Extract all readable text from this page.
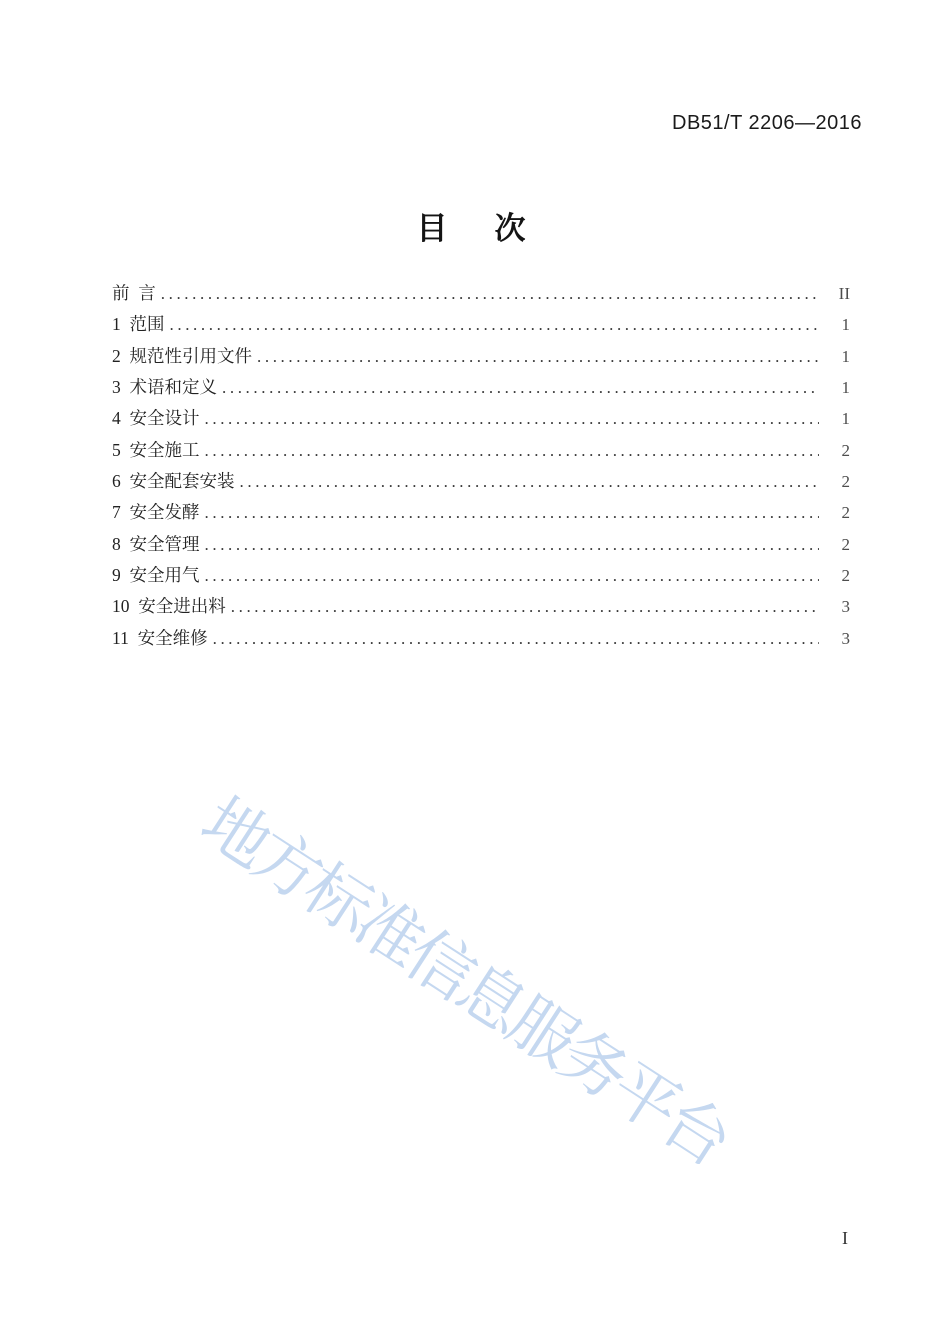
DB51/T 2206—2016
目　次
前  言 .....	II
1  范围 .....	1
2  规范性引用文件 .....	1
3  术语和定义 .....	1
4  安全设计 .....	1
5  安全施工 .....	2
6  安全配套安装 .....	2
7  安全发酵 .....	2
8  安全管理 .....	2
9  安全用气 .....	2
10  安全进出料 .....	3
11  安全维修 .....	3
地方标准信息服务平台
I
